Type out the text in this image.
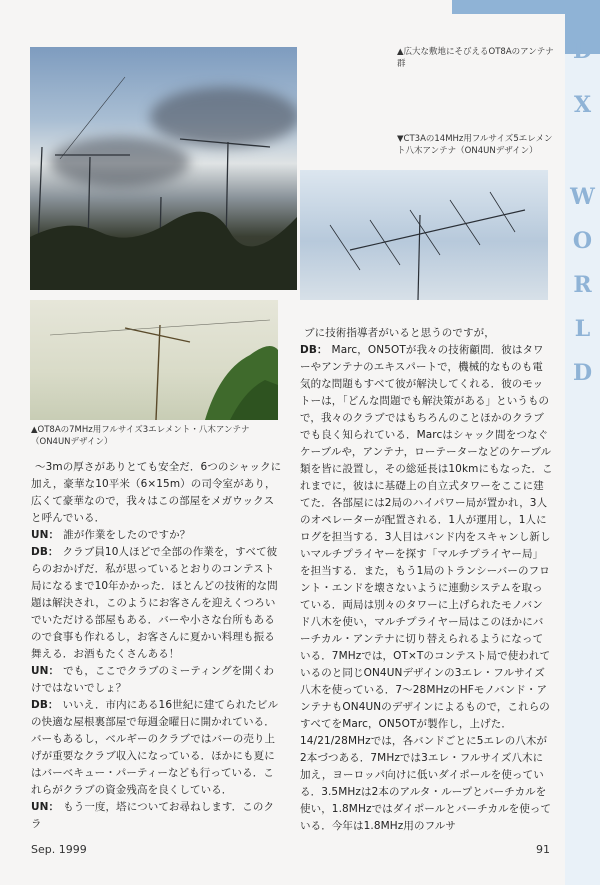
D
X
W
O
R
L
D
▲広大な敷地にそびえるOT8Aのアンテナ群
▼CT3Aの14MHz用フルサイズ5エレメント八木アンテナ（ON4UNデザイン）
▲OT8Aの7MHz用フルサイズ3エレメント・八木アンテナ（ON4UNデザイン）

～3mの厚さがありとても安全だ．6つのシャックに加え，豪華な10平米（6×15m）の司令室があり，広くて豪華なので，我々はこの部屋をメガウックスと呼んでいる．

UN： 誰が作業をしたのですか？

DB： クラブ員10人ほどで全部の作業を，すべて彼らのおかげだ．私が思っているとおりのコンテスト局になるまで10年かかった．ほとんどの技術的な問題は解決され，このようにお客さんを迎えくつろいでいただける部屋もある．バーや小さな台所もあるので食事も作れるし，お客さんに夏かい料理も振る舞える．お酒もたくさんある！

UN： でも，ここでクラブのミーティングを開くわけではないでしょ？

DB： いいえ．市内にある16世紀に建てられたビルの快適な屋根裏部屋で毎週金曜日に開かれている．バーもあるし，ベルギーのクラブではバーの売り上げが重要なクラブ収入になっている．ほかにも夏にはバーベキュー・パーティーなども行っている．これらがクラブの資金残高を良くしている．

UN： もう一度，塔についてお尋ねします．このクラ

ブに技術指導者がいると思うのですが，

DB： Marc，ON5OTが我々の技術顧問．彼はタワーやアンテナのエキスパートで，機械的なものも電気的な問題もすべて彼が解決してくれる．彼のモットーは，「どんな問題でも解決策がある」というもので，我々のクラブではもちろんのことほかのクラブでも良く知られている．Marcはシャック間をつなぐケーブルや，アンテナ，ローテーターなどのケーブル類を皆に設置し，その総延長は10kmにもなった．これまでに，彼はに基礎上の自立式タワーをここに建てた．各部屋には2局のハイパワー局が置かれ，3人のオペレーターが配置される．1人が運用し，1人にログを担当する．3人目はバンド内をスキャンし新しいマルチプライヤーを探す「マルチプライヤー局」を担当する．また，もう1局のトランシーバーのフロント・エンドを壊さないように連動システムを取っている．両局は別々のタワーに上げられたモノバンド八木を使い，マルチプライヤー局はこのほかにバーチカル・アンテナに切り替えられるようになっている．7MHzでは，OT×Tのコンテスト局で使われているのと同じON4UNデザインの3エレ・フルサイズ八木を使っている．7～28MHzのHFモノバンド・アンテナもON4UNのデザインによるもので，これらのすべてをMarc，ON5OTが製作し，上げた．14/21/28MHzでは，各バンドごとに5エレの八木が2本づつある．7MHzでは3エレ・フルサイズ八木に加え，ヨーロッパ向けに低いダイポールを使っている．3.5MHzは2本のアルタ・ループとバーチカルを使い，1.8MHzではダイポールとバーチカルを使っている．今年は1.8MHz用のフルサ

Sep. 1999	91
